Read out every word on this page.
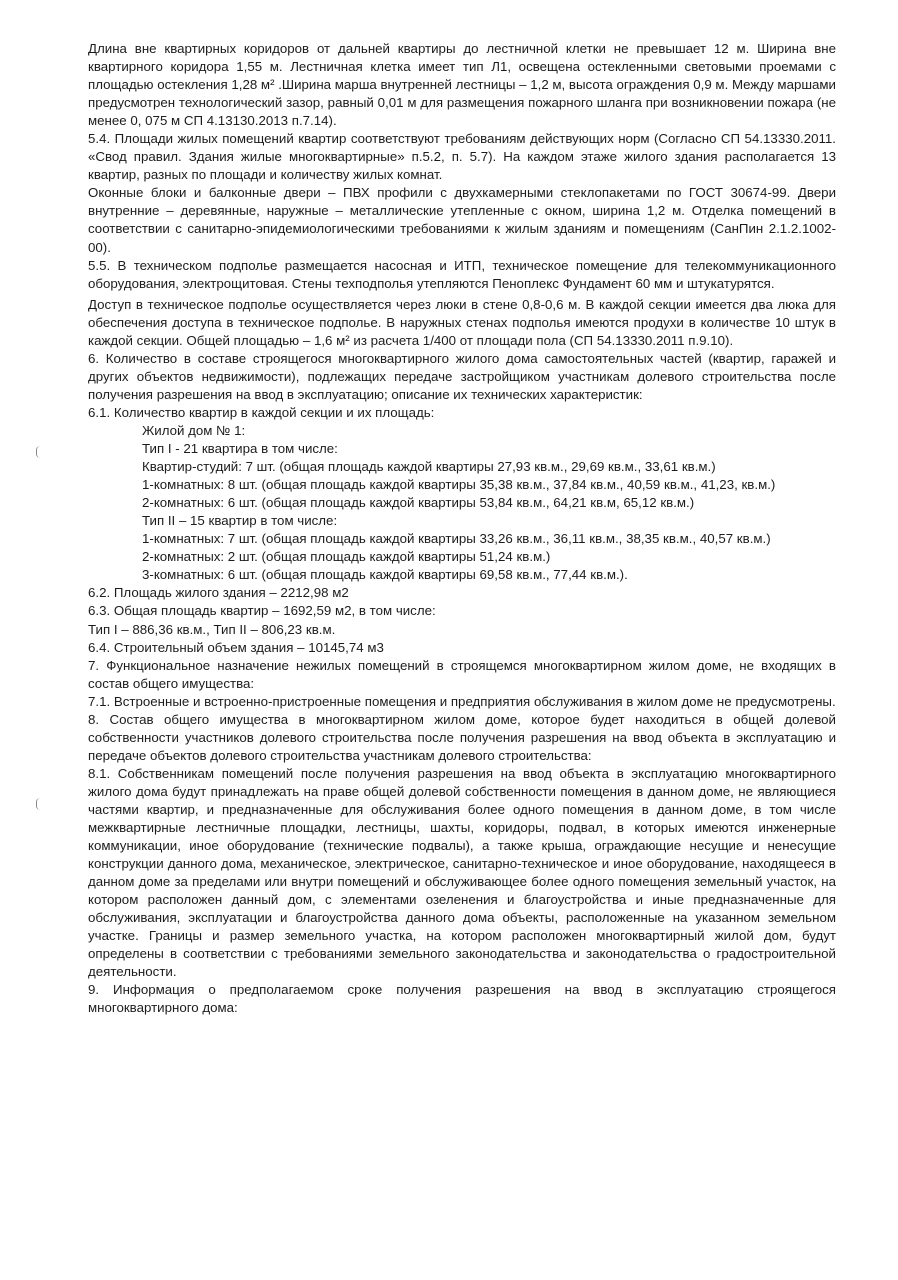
Длина вне квартирных коридоров от дальней квартиры до лестничной клетки не превышает 12 м. Ширина вне квартирного коридора 1,55 м. Лестничная клетка имеет тип Л1, освещена остекленными световыми проемами с площадью остекления 1,28 м² .Ширина марша внутренней лестницы – 1,2 м, высота ограждения 0,9 м. Между маршами предусмотрен технологический зазор, равный 0,01 м для размещения пожарного шланга при возникновении пожара (не менее 0, 075 м СП 4.13130.2013 п.7.14).

5.4. Площади жилых помещений квартир соответствуют требованиям действующих норм (Согласно СП 54.13330.2011. «Свод правил. Здания жилые многоквартирные» п.5.2, п. 5.7). На каждом этаже жилого здания располагается 13 квартир, разных по площади и количеству жилых комнат.

Оконные блоки и балконные двери – ПВХ профили с двухкамерными стеклопакетами по ГОСТ 30674-99. Двери внутренние – деревянные, наружные – металлические утепленные с окном, ширина 1,2 м. Отделка помещений в соответствии с санитарно-эпидемиологическими требованиями к жилым зданиям и помещениям (СанПин 2.1.2.1002-00).

5.5. В техническом подполье размещается насосная и ИТП, техническое помещение для телекоммуникационного оборудования, электрощитовая. Стены техподполья утепляются Пеноплекс Фундамент 60 мм и штукатурятся.

Доступ в техническое подполье осуществляется через люки в стене 0,8-0,6 м. В каждой секции имеется два люка для обеспечения доступа в техническое подполье. В наружных стенах подполья имеются продухи в количестве 10 штук в каждой секции. Общей площадью – 1,6 м² из расчета 1/400 от площади пола (СП 54.13330.2011 п.9.10).

6. Количество в составе строящегося многоквартирного жилого дома самостоятельных частей (квартир, гаражей и других объектов недвижимости), подлежащих передаче застройщиком участникам долевого строительства после получения разрешения на ввод в эксплуатацию; описание их технических характеристик:

6.1. Количество квартир в каждой секции и их площадь:

Жилой дом № 1:

Тип I - 21 квартира в том числе:

Квартир-студий: 7 шт. (общая площадь каждой квартиры 27,93 кв.м., 29,69 кв.м., 33,61 кв.м.)

1-комнатных: 8 шт. (общая площадь каждой квартиры 35,38 кв.м., 37,84 кв.м., 40,59 кв.м., 41,23, кв.м.)

2-комнатных: 6 шт. (общая площадь каждой квартиры 53,84 кв.м., 64,21 кв.м, 65,12 кв.м.)

Тип II – 15 квартир в том числе:

1-комнатных: 7 шт. (общая площадь каждой квартиры 33,26 кв.м., 36,11 кв.м., 38,35 кв.м., 40,57 кв.м.)

2-комнатных: 2 шт. (общая площадь каждой квартиры 51,24 кв.м.)

3-комнатных: 6 шт. (общая площадь каждой квартиры 69,58 кв.м., 77,44 кв.м.).

6.2. Площадь жилого здания – 2212,98 м2

6.3. Общая площадь квартир – 1692,59 м2, в том числе:

Тип I – 886,36 кв.м., Тип II – 806,23 кв.м.

6.4. Строительный объем здания – 10145,74 м3

7. Функциональное назначение нежилых помещений в строящемся многоквартирном жилом доме, не входящих в состав общего имущества:

7.1. Встроенные и встроенно-пристроенные помещения и предприятия обслуживания в жилом доме не предусмотрены.

8. Состав общего имущества в многоквартирном жилом доме, которое будет находиться в общей долевой собственности участников долевого строительства после получения разрешения на ввод объекта в эксплуатацию и передаче объектов долевого строительства участникам долевого строительства:

8.1. Собственникам помещений после получения разрешения на ввод объекта в эксплуатацию многоквартирного жилого дома будут принадлежать на праве общей долевой собственности помещения в данном доме, не являющиеся частями квартир, и предназначенные для обслуживания более одного помещения в данном доме, в том числе межквартирные лестничные площадки, лестницы, шахты, коридоры, подвал, в которых имеются инженерные коммуникации, иное оборудование (технические подвалы), а также крыша, ограждающие несущие и ненесущие конструкции данного дома, механическое, электрическое, санитарно-техническое и иное оборудование, находящееся в данном доме за пределами или внутри помещений и обслуживающее более одного помещения земельный участок, на котором расположен данный дом, с элементами озеленения и благоустройства и иные предназначенные для обслуживания, эксплуатации и благоустройства данного дома объекты, расположенные на указанном земельном участке. Границы и размер земельного участка, на котором расположен многоквартирный жилой дом, будут определены в соответствии с требованиями земельного законодательства и законодательства о градостроительной деятельности.

9. Информация о предполагаемом сроке получения разрешения на ввод в эксплуатацию строящегося многоквартирного дома:
